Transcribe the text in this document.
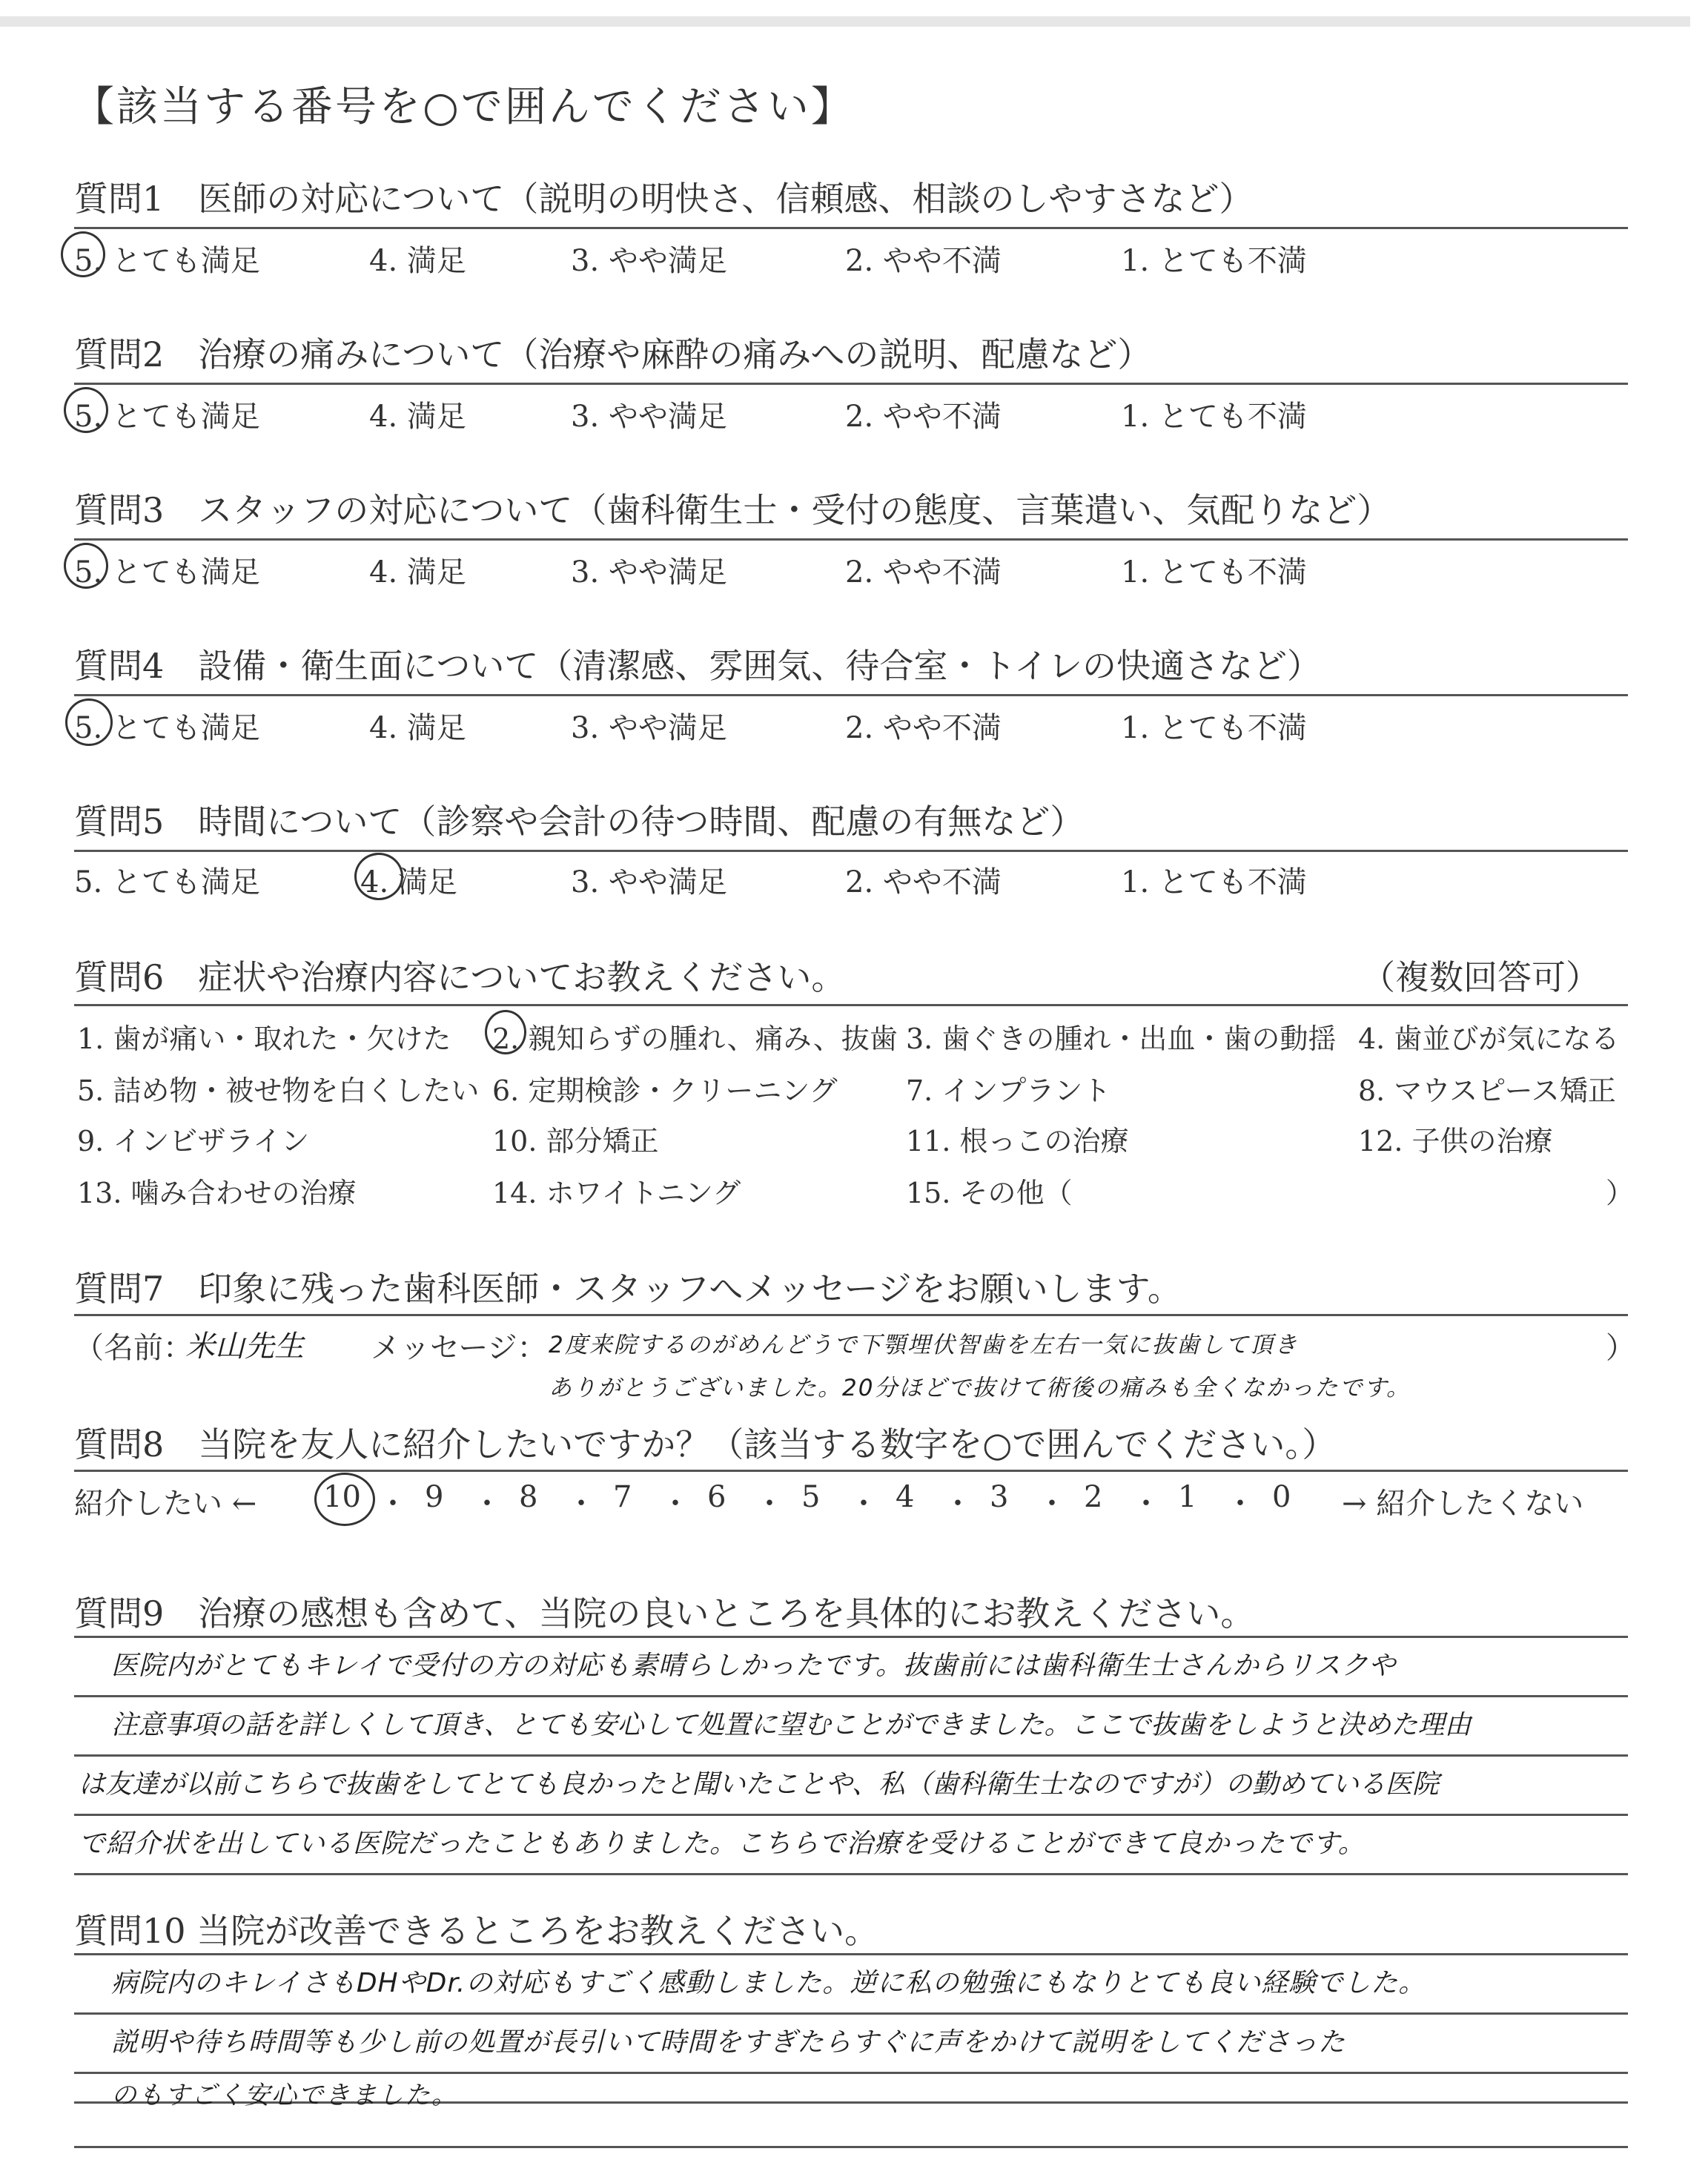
【該当する番号を○で囲んでください】
質問1　医師の対応について（説明の明快さ、信頼感、相談のしやすさなど）
5. とても満足	4. 満足	3. やや満足	2. やや不満	1. とても不満
質問2　治療の痛みについて（治療や麻酔の痛みへの説明、配慮など）
5. とても満足	4. 満足	3. やや満足	2. やや不満	1. とても不満
質問3　スタッフの対応について（歯科衛生士・受付の態度、言葉遣い、気配りなど）
5. とても満足	4. 満足	3. やや満足	2. やや不満	1. とても不満
質問4　設備・衛生面について（清潔感、雰囲気、待合室・トイレの快適さなど）
5. とても満足	4. 満足	3. やや満足	2. やや不満	1. とても不満
質問5　時間について（診察や会計の待つ時間、配慮の有無など）
5. とても満足	4. 満足	3. やや満足	2. やや不満	1. とても不満
質問6　症状や治療内容についてお教えください。	（複数回答可）
1. 歯が痛い・取れた・欠けた 2. 親知らずの腫れ、痛み、抜歯 3. 歯ぐきの腫れ・出血・歯の動揺 4. 歯並びが気になる
5. 詰め物・被せ物を白くしたい 6. 定期検診・クリーニング 7. インプラント	8. マウスピース矯正
9. インビザライン	10. 部分矯正	11. 根っこの治療	12. 子供の治療
13. 噛み合わせの治療	14. ホワイトニング	15. その他（	）
質問7　印象に残った歯科医師・スタッフへメッセージをお願いします。
（名前：
米山先生 メッセージ： 2度来院するのがめんどうで下顎埋伏智歯を左右一気に抜歯して頂き	）
ありがとうございました。20分ほどで抜けて術後の痛みも全くなかったです。
質問8　当院を友人に紹介したいですか？（該当する数字を○で囲んでください。）
紹介したい ←	→ 紹介したくない
10 ・ 9 ・ 8 ・ 7 ・ 6 ・ 5 ・ 4 ・ 3 ・ 2 ・ 1 ・ 0
質問9　治療の感想も含めて、当院の良いところを具体的にお教えください。
医院内がとてもキレイで受付の方の対応も素晴らしかったです。抜歯前には歯科衛生士さんからリスクや
注意事項の話を詳しくして頂き、とても安心して処置に望むことができました。ここで抜歯をしようと決めた理由
は友達が以前こちらで抜歯をしてとても良かったと聞いたことや、私（歯科衛生士なのですが）の勤めている医院
で紹介状を出している医院だったこともありました。こちらで治療を受けることができて良かったです。
質問10 当院が改善できるところをお教えください。
病院内のキレイさもDHやDr.の対応もすごく感動しました。逆に私の勉強にもなりとても良い経験でした。
説明や待ち時間等も少し前の処置が長引いて時間をすぎたらすぐに声をかけて説明をしてくださった
のもすごく安心できました。
